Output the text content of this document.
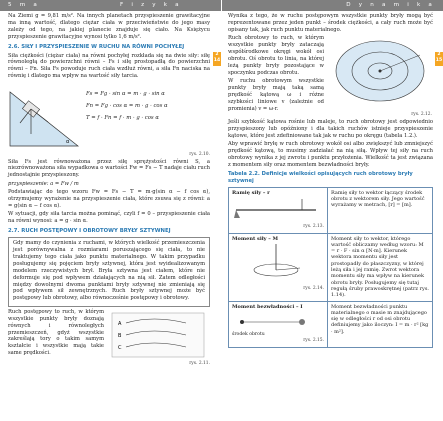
5 m a	F i z y k a	D y n a m i k a
2
14
2
15

Na Ziemi g = 9,81 m/s². Na innych planetach przyspieszenie grawitacyjne ma inną wartość, dlatego ciężar ciała w przeciwieństwie do jego masy zależy od tego, na jakiej planecie znajduje się ciało. Na Księżycu przyspieszenie grawitacyjne wynosi tylko 1,6 m/s².

2.6. SIŁY I PRZYSPIESZENIE W RUCHU NA RÓWNI POCHYŁEJ

Siła ciężkości (ciężar ciała) na równi pochyłej rozkłada się na dwie siły: siłę równoległą do powierzchni równi – Fs i siłę prostopadłą do powierzchni równi – Fn. Siła Fs powoduje ruch ciała wzdłuż równi, a siła Fn naciska na równię i dlatego ma wpływ na wartość siły tarcia.

α
Fs = Fg · sin α = m · g · sin α
Fn = Fg · cos α = m · g · cos α
T = f · Fn = f · m · g · cos α
rys. 2.10.

Siła Fs jest równoważona przez siłę sprężystości równi S, a niezrównoważona siła wypadkowa o wartości Fw = Fs − T nadaje ciału ruch jednostajnie przyspieszony.

przyspieszenie: a = Fw / m

Podstawiając do tego wzoru Fw = Fs − T = m·g(sin α − f cos α), otrzymujemy wyrażenie na przyspieszenie ciała, które zsuwa się z równi: a = g(sin α − f cos α).

W sytuacji, gdy siła tarcia można pominąć, czyli f = 0 – przyspieszenie ciała na równi wynosi: a = g · sin α.

2.7. RUCH POSTĘPOWY I OBROTOWY BRYŁY SZTYWNEJ

Gdy mamy do czynienia z ruchami, w których wielkość przemieszczenia jest porównywalna z rozmiarami poruszającego się ciała, to nie traktujemy tego ciała jako punktu materialnego. W takim przypadku posługujemy się pojęciem bryły sztywnej, która jest wyidealizowanym modelem rzeczywistych brył. Bryła sztywna jest ciałem, które nie deformuje się pod wpływem działających na nią sił. Zatem odległości między dowolnymi dwoma punktami bryły sztywnej nie zmieniają się pod wpływem sił zewnętrznych. Ruch bryły sztywnej może być postępowy lub obrotowy, albo równocześnie postępowy i obrotowy.

Ruch postępowy to ruch, w którym wszystkie punkty bryły doznają równych i równoległych przemieszczeń, gdyż wszystkie zakreślają tory o takim samym kształcie i wszystkie mają takie same prędkości.

A
B
C
rys. 2.11.

Wynika z tego, że w ruchu postępowym wszystkie punkty bryły mogą być reprezentowane przez jeden punkt – środek ciężkości, a cały ruch może być opisany tak, jak ruch punktu materialnego.

Ruch obrotowy to ruch, w którym wszystkie punkty bryły zataczają współśrodkowe okręgi wokół osi obrotu. Oś obrotu to linia, na której leżą punkty bryły pozostające w spoczynku podczas obrotu.

W ruchu obrotowym wszystkie punkty bryły mają taką samą prędkość kątową ω i różne szybkości liniowe v (zależnie od promienia) v = ω·r.

rys. 2.12.

Jeśli szybkość kątowa rośnie lub maleje, to ruch obrotowy jest odpowiednio przyspieszony lub opóźniony i dla takich ruchów istnieje przyspieszenie kątowe, które jest zdefiniowane tak jak w ruchu po okręgu (tabela 1.2.).

Aby wprawić bryłę w ruch obrotowy wokół osi albo zwiększyć lub zmniejszyć prędkość kątową, to musimy zadziałać na nią siłą. Wpływ tej siły na ruch obrotowy wynika z jej zwrotu i punktu przyłożenia. Wielkość ta jest związana z momentem siły oraz momentem bezwładności bryły.

Tabela 2.2. Definicje wielkości opisujących ruch obrotowy bryły sztywnej
Ramię siły – r
rys. 2.13.	Ramię siły to wektor łączący środek obrotu z wektorem siły. Jego wartość wyrażamy w metrach, [r] = [m].
Moment siły – M
rys. 2.14.	Moment siły to wektor, którego wartość obliczamy według wzoru: M = r · F · sin α [N·m]. Kierunek wektora momentu siły jest prostopadły do płaszczyzny, w której leżą siła i jej ramię. Zwrot wektora momentu siły ma wpływ na kierunek obrotu bryły. Posługujemy się tutaj regułą śruby prawoskrętnej (patrz rys. 1.14).
Moment bezwładności – I
środek obrotu
rys. 2.15.	Moment bezwładności punktu materialnego o masie m znajdującego się w odległości r od osi obrotu definiujemy jako iloczyn: I = m · r² [kg · m²].
